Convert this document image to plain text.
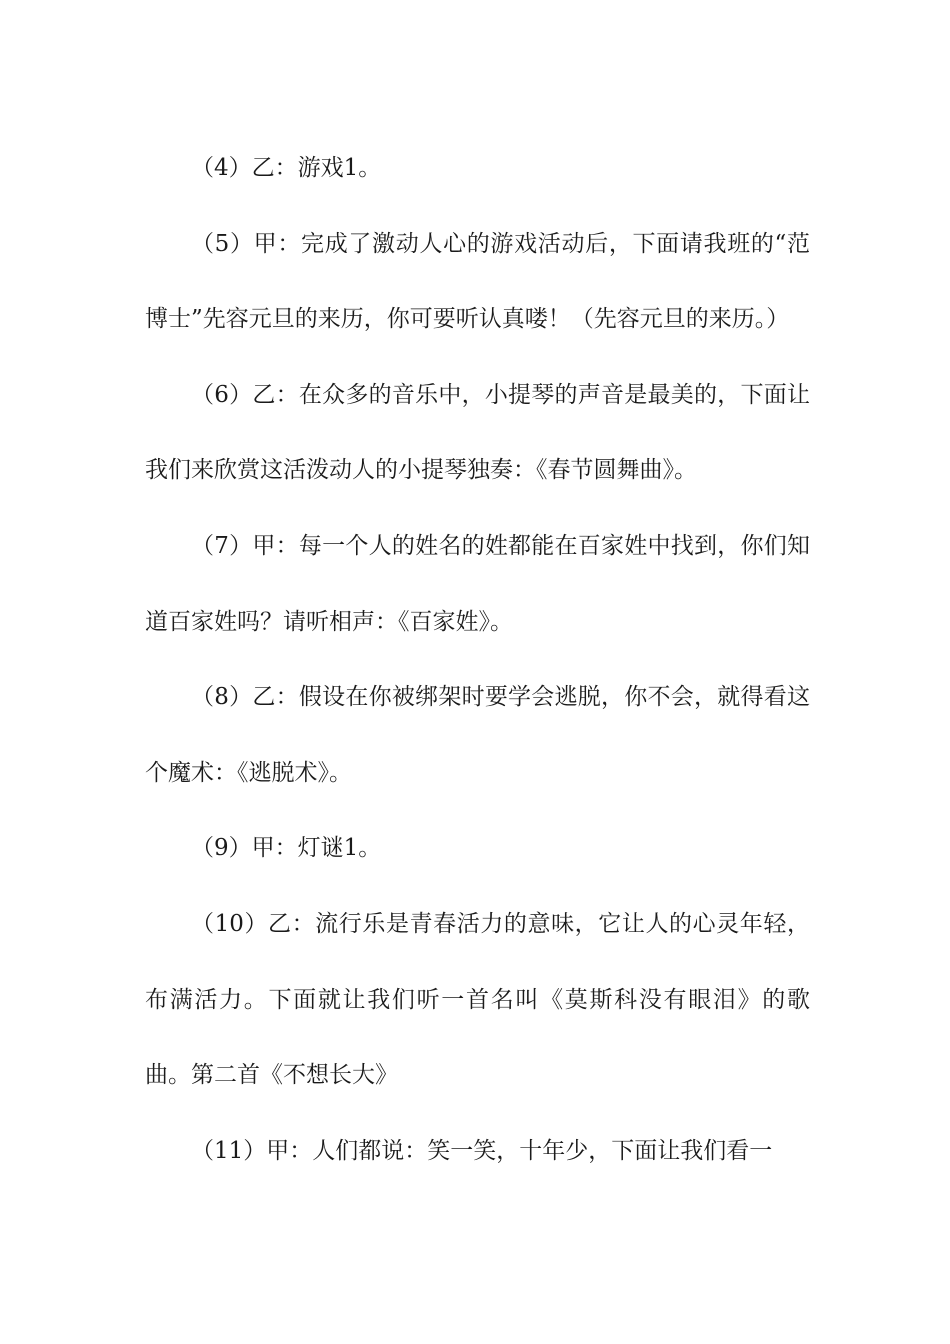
（4）乙：游戏1。

（5）甲：完成了激动人心的游戏活动后，下面请我班的“范博士”先容元旦的来历，你可要听认真喽！（先容元旦的来历。）

（6）乙：在众多的音乐中，小提琴的声音是最美的，下面让我们来欣赏这活泼动人的小提琴独奏：《春节圆舞曲》。

（7）甲：每一个人的姓名的姓都能在百家姓中找到，你们知道百家姓吗？请听相声：《百家姓》。

（8）乙：假设在你被绑架时要学会逃脱，你不会，就得看这个魔术：《逃脱术》。

（9）甲：灯谜1。

（10）乙：流行乐是青春活力的意味，它让人的心灵年轻，布满活力。下面就让我们听一首名叫《莫斯科没有眼泪》的歌曲。第二首《不想长大》

（11）甲：人们都说：笑一笑，十年少，下面让我们看一
